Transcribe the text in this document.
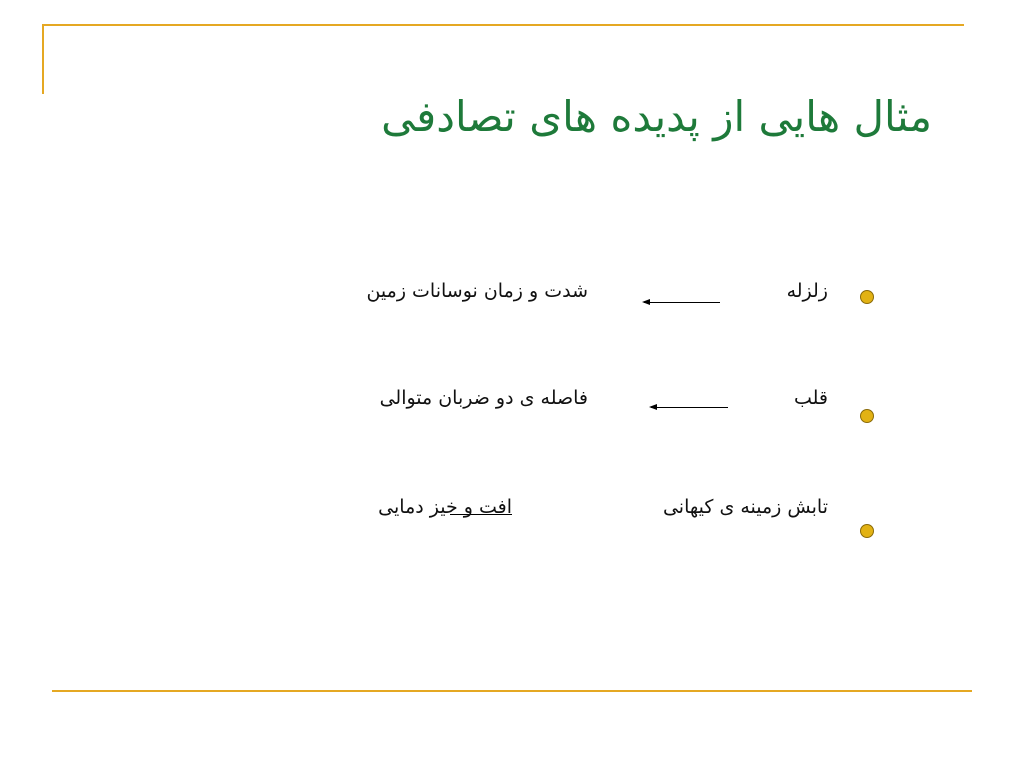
مثال هایی از پدیده های تصادفی
زلزله
شدت و زمان نوسانات زمین
قلب
فاصله ی دو ضربان متوالی
تابش زمینه ی کیهانی
افت و خیز دمایی
